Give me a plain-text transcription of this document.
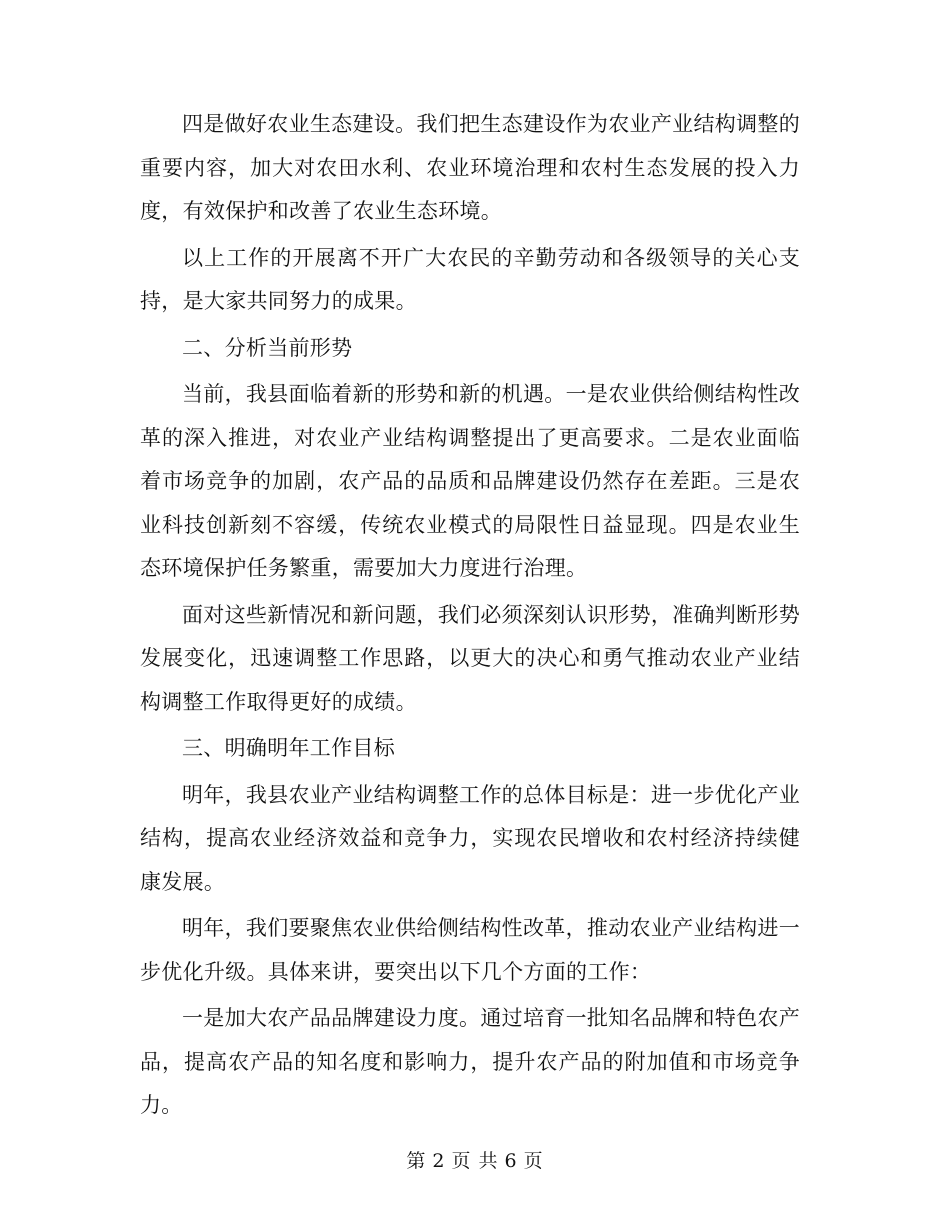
四是做好农业生态建设。我们把生态建设作为农业产业结构调整的重要内容，加大对农田水利、农业环境治理和农村生态发展的投入力度，有效保护和改善了农业生态环境。

以上工作的开展离不开广大农民的辛勤劳动和各级领导的关心支持，是大家共同努力的成果。

二、分析当前形势

当前，我县面临着新的形势和新的机遇。一是农业供给侧结构性改革的深入推进，对农业产业结构调整提出了更高要求。二是农业面临着市场竞争的加剧，农产品的品质和品牌建设仍然存在差距。三是农业科技创新刻不容缓，传统农业模式的局限性日益显现。四是农业生态环境保护任务繁重，需要加大力度进行治理。

面对这些新情况和新问题，我们必须深刻认识形势，准确判断形势发展变化，迅速调整工作思路，以更大的决心和勇气推动农业产业结构调整工作取得更好的成绩。

三、明确明年工作目标

明年，我县农业产业结构调整工作的总体目标是：进一步优化产业结构，提高农业经济效益和竞争力，实现农民增收和农村经济持续健康发展。

明年，我们要聚焦农业供给侧结构性改革，推动农业产业结构进一步优化升级。具体来讲，要突出以下几个方面的工作：

一是加大农产品品牌建设力度。通过培育一批知名品牌和特色农产品，提高农产品的知名度和影响力，提升农产品的附加值和市场竞争力。

第 2 页 共 6 页
